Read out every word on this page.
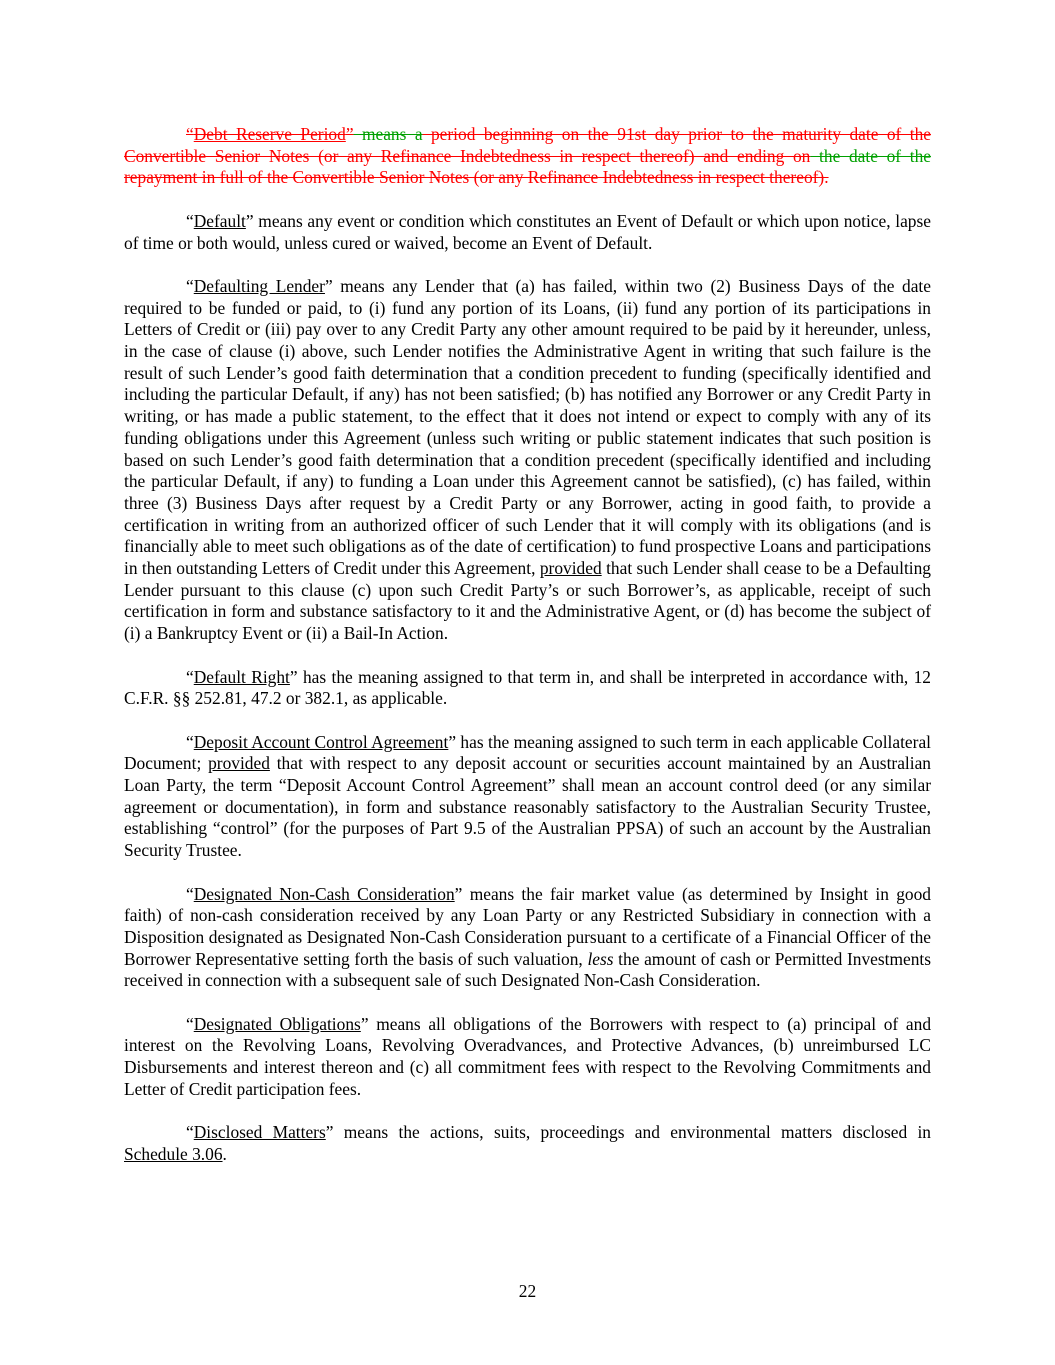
“Debt Reserve Period” means a period beginning on the 91st day prior to the maturity date of the Convertible Senior Notes (or any Refinance Indebtedness in respect thereof) and ending on the date of the repayment in full of the Convertible Senior Notes (or any Refinance Indebtedness in respect thereof).

“Default” means any event or condition which constitutes an Event of Default or which upon notice, lapse of time or both would, unless cured or waived, become an Event of Default.

“Defaulting Lender” means any Lender that (a) has failed, within two (2) Business Days of the date required to be funded or paid, to (i) fund any portion of its Loans, (ii) fund any portion of its participations in Letters of Credit or (iii) pay over to any Credit Party any other amount required to be paid by it hereunder, unless, in the case of clause (i) above, such Lender notifies the Administrative Agent in writing that such failure is the result of such Lender’s good faith determination that a condition precedent to funding (specifically identified and including the particular Default, if any) has not been satisfied; (b) has notified any Borrower or any Credit Party in writing, or has made a public statement, to the effect that it does not intend or expect to comply with any of its funding obligations under this Agreement (unless such writing or public statement indicates that such position is based on such Lender’s good faith determination that a condition precedent (specifically identified and including the particular Default, if any) to funding a Loan under this Agreement cannot be satisfied), (c) has failed, within three (3) Business Days after request by a Credit Party or any Borrower, acting in good faith, to provide a certification in writing from an authorized officer of such Lender that it will comply with its obligations (and is financially able to meet such obligations as of the date of certification) to fund prospective Loans and participations in then outstanding Letters of Credit under this Agreement, provided that such Lender shall cease to be a Defaulting Lender pursuant to this clause (c) upon such Credit Party’s or such Borrower’s, as applicable, receipt of such certification in form and substance satisfactory to it and the Administrative Agent, or (d) has become the subject of (i) a Bankruptcy Event or (ii) a Bail-In Action.

“Default Right” has the meaning assigned to that term in, and shall be interpreted in accordance with, 12 C.F.R. §§ 252.81, 47.2 or 382.1, as applicable.

“Deposit Account Control Agreement” has the meaning assigned to such term in each applicable Collateral Document; provided that with respect to any deposit account or securities account maintained by an Australian Loan Party, the term “Deposit Account Control Agreement” shall mean an account control deed (or any similar agreement or documentation), in form and substance reasonably satisfactory to the Australian Security Trustee, establishing “control” (for the purposes of Part 9.5 of the Australian PPSA) of such an account by the Australian Security Trustee.

“Designated Non-Cash Consideration” means the fair market value (as determined by Insight in good faith) of non-cash consideration received by any Loan Party or any Restricted Subsidiary in connection with a Disposition designated as Designated Non-Cash Consideration pursuant to a certificate of a Financial Officer of the Borrower Representative setting forth the basis of such valuation, less the amount of cash or Permitted Investments received in connection with a subsequent sale of such Designated Non-Cash Consideration.

“Designated Obligations” means all obligations of the Borrowers with respect to (a) principal of and interest on the Revolving Loans, Revolving Overadvances, and Protective Advances, (b) unreimbursed LC Disbursements and interest thereon and (c) all commitment fees with respect to the Revolving Commitments and Letter of Credit participation fees.

“Disclosed Matters” means the actions, suits, proceedings and environmental matters disclosed in Schedule 3.06.

22
